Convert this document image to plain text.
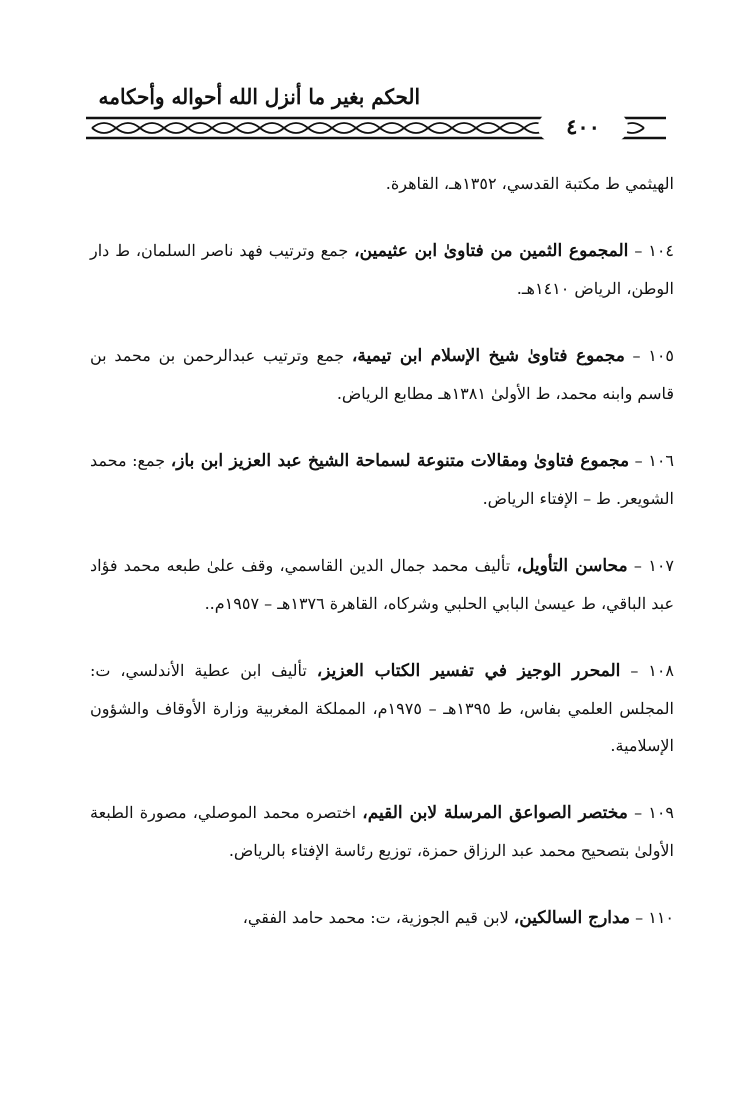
الحكم بغير ما أنزل الله أحواله وأحكامه
٤٠٠

الهيثمي ط مكتبة القدسي، ١٣٥٢هـ، القاهرة.

١٠٤ – المجموع الثمين من فتاوىٰ ابن عثيمين، جمع وترتيب فهد ناصر السلمان، ط دار الوطن، الرياض ١٤١٠هـ.

١٠٥ – مجموع فتاوىٰ شيخ الإسلام ابن تيمية، جمع وترتيب عبدالرحمن بن محمد بن قاسم وابنه محمد، ط الأولىٰ ١٣٨١هـ مطابع الرياض.

١٠٦ – مجموع فتاوىٰ ومقالات متنوعة لسماحة الشيخ عبد العزيز ابن باز، جمع: محمد الشويعر. ط – الإفتاء الرياض.

١٠٧ – محاسن التأويل، تأليف محمد جمال الدين القاسمي، وقف علىٰ طبعه محمد فؤاد عبد الباقي، ط عيسىٰ البابي الحلبي وشركاه، القاهرة ١٣٧٦هـ – ١٩٥٧م..

١٠٨ – المحرر الوجيز في تفسير الكتاب العزيز، تأليف ابن عطية الأندلسي، ت: المجلس العلمي بفاس، ط ١٣٩٥هـ – ١٩٧٥م، المملكة المغربية وزارة الأوقاف والشؤون الإسلامية.

١٠٩ – مختصر الصواعق المرسلة لابن القيم، اختصره محمد الموصلي، مصورة الطبعة الأولىٰ بتصحيح محمد عبد الرزاق حمزة، توزيع رئاسة الإفتاء بالرياض.

١١٠ – مدارج السالكين، لابن قيم الجوزية، ت: محمد حامد الفقي،
